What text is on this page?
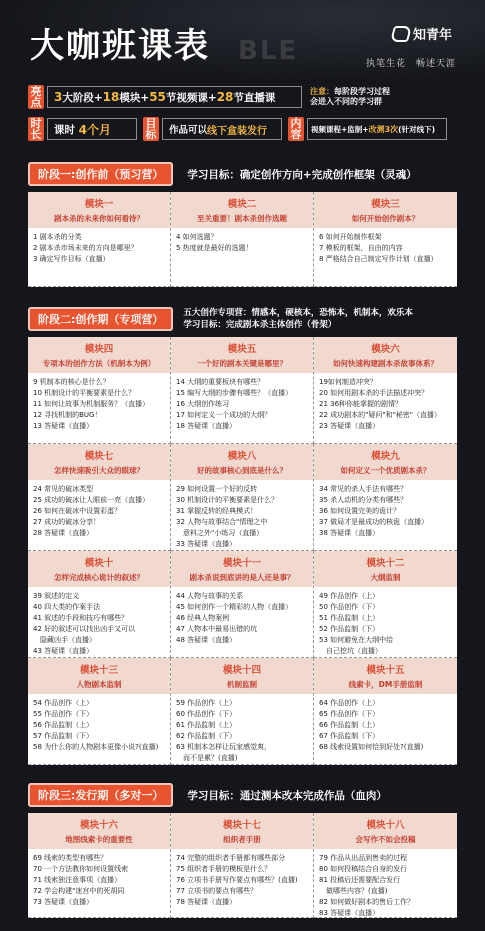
大咖班课表 BLE
知青年
执笔生花　畅述天涯
亮点 3 大阶段+ 18 模块+ 55 节视频课+ 28 节直播课	注意：每阶段学习过程
会进入不同的学习群
时长 课时
4个月	目标 作品可以 线下盒装发行
内容	视频课程+监制+ 改测3次 (针对线下)
阶段一:创作前（预习营）	学习目标：确定创作方向+完成创作框架（灵魂）
模块一
剧本杀的未来你如何看待？
1 剧本杀的分类
2 剧本杀市场未来的方向是哪里？
3 确定写作目标（直播）
模块二
至关重要！剧本杀创作选题
4 如何选题？
5 热度就是最好的选题！
模块三
如何开始创作剧本？
6 如何开始制作框架
7 模板的框架，自由的内容
8 严格结合自己制定写作计划（直播）
阶段二:创作期（专项营）	五大创作专项营：情感本，硬核本，恐怖本，机制本，欢乐本
学习目标：完成剧本杀主体创作（骨架）
模块四
专项本的创作方法（机制本为例）
9 机制本的核心是什么？
10 机制设计的平衡要素是什么？
11 如何让故事为机制服务？（直播）
12 寻找机制的BUG！
13 答疑课（直播）
模块五
一个好的剧本关键是哪里？
14 大纲的重要板块有哪些？
15 编写大纲的步骤有哪些？（直播）
16 大纲创作练习
17 如何定义一个成功的大纲？
18 答疑课（直播）
模块六
如何快速构建剧本杀故事体系？
19如何制造冲突？
20 如何用剧本杀的手法描述冲突？
21 36种你能掌握的剧情？
22 成功剧本的"疑问"和"秘密"（直播）
23 答疑课（直播）
模块七
怎样快速吸引大众的眼球？
24 常见的破冰类型
25 成功的破冰让人眼前一亮（直播）
26 如何在破冰中设置彩蛋？
27 成功的破冰分享！
28 答疑课（直播）
模块八
好的故事核心到底是什么？
29 如何设置一个好的反转
30 机制设计的平衡要素是什么？
31 掌握反转的经典模式！
32 人物与故事结合"情理之中
　意料之外"小练习（直播）
33 答疑课（直播）
模块九
如何定义一个优质剧本杀？
34 常见的杀人手法有哪些？
35 杀人动机的分类有哪些？
36 如何设置完美的诡计？
37 做局才是最成功的核诡（直播）
38 答疑课（直播）
模块十
怎样完成核心诡计的叙述？
39 叙述的定义
40 四大类的作案手法
41 叙述的手段和技巧有哪些？
42 好的叙述可以找出凶手又可以
　隐藏凶手（直播）
43 答疑课（直播）
模块十一
剧本杀说到底讲的是人还是事？
44 人物与故事的关系
45 如何创作一个精彩的人物（直播）
46 经典人物案例
47 人物本中最易出错的坑
48 答疑课（直播）
模块十二
大纲监制
49 作品创作（上）
50 作品创作（下）
51 作品监制（上）
52 作品监制（下）
53 如何避免在大纲中给
　自己挖坑（直播）
模块十三
人物剧本监制
54 作品创作（上）
55 作品创作（下）
56 作品监制（上）
57 作品监制（下）
58 为什么你的人物剧本更像小说?(直播)
模块十四
机制监制
59 作品创作（上）
60 作品创作（下）
61 作品监制（上）
62 作品监制（下）
63 机制本怎样让玩家感觉爽，
　而不是累？(直播)
模块十五
线索卡，DM手册监制
64 作品创作（上）
65 作品创作（下）
66 作品监制（上）
67 作品监制（下）
68 线索设置如何恰到好处?(直播)
阶段三:发行期（多对一）	学习目标：通过测本改本完成作品（血肉）
模块十六
地图线索卡的重要性
69 线索的类型有哪些？
70 一个方法教你如何设置线索
71 线索独注意事项（直播）
72 学会构建"迷宫中的死胡同
73 答疑课（直播）
模块十七
组织者手册
74 完整的组织者手册都有哪些部分
75 组织者手册的模板是什么？
76 立项书手册写作要点有哪些？(直播)
77 立项书的要点有哪些？
78 答疑课（直播）
模块十八
会写作不如会投稿
79 作品从出品到售卖的过程
80 如何投稿结合自身的发行
81 投稿后还需要配合发行
　做哪些内容？(直播)
82 如何做好剧本的售后工作？
83 答疑课（直播）
